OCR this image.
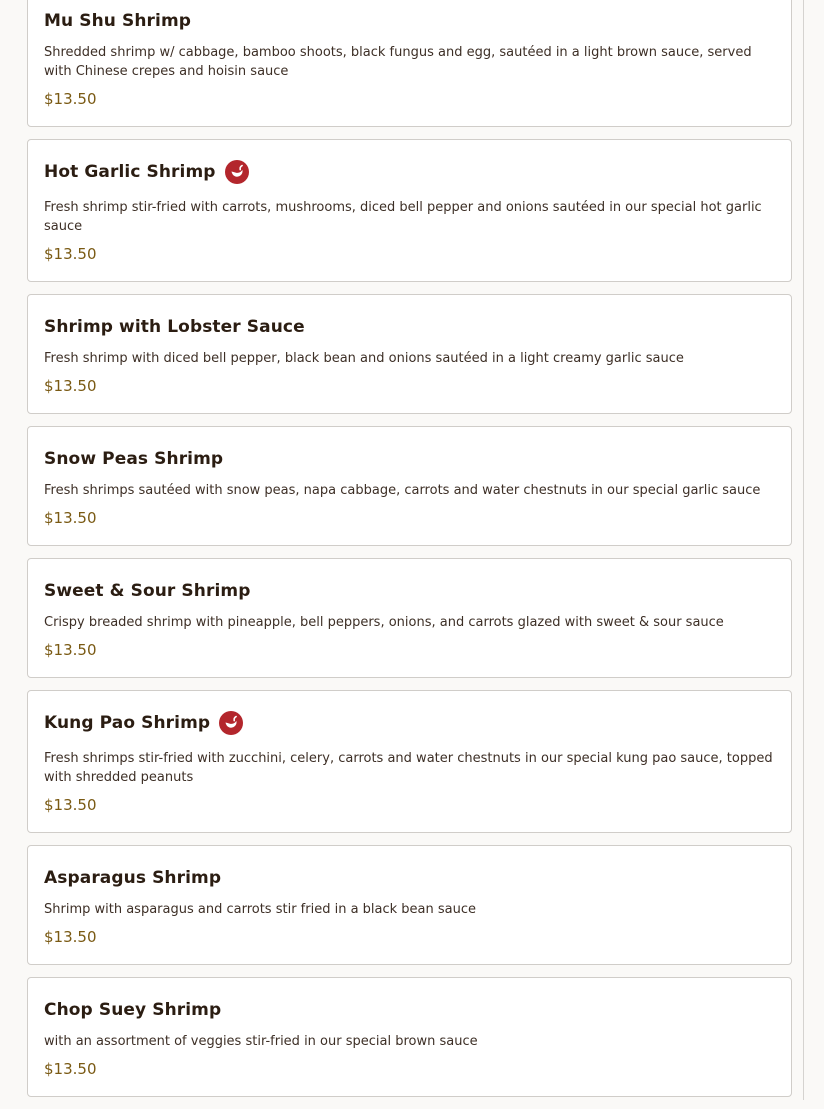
Mu Shu Shrimp
Shredded shrimp w/ cabbage, bamboo shoots, black fungus and egg, sautéed in a light brown sauce, served with Chinese crepes and hoisin sauce
$13.50
Hot Garlic Shrimp
Fresh shrimp stir-fried with carrots, mushrooms, diced bell pepper and onions sautéed in our special hot garlic sauce
$13.50
Shrimp with Lobster Sauce
Fresh shrimp with diced bell pepper, black bean and onions sautéed in a light creamy garlic sauce
$13.50
Snow Peas Shrimp
Fresh shrimps sautéed with snow peas, napa cabbage, carrots and water chestnuts in our special garlic sauce
$13.50
Sweet & Sour Shrimp
Crispy breaded shrimp with pineapple, bell peppers, onions, and carrots glazed with sweet & sour sauce
$13.50
Kung Pao Shrimp
Fresh shrimps stir-fried with zucchini, celery, carrots and water chestnuts in our special kung pao sauce, topped with shredded peanuts
$13.50
Asparagus Shrimp
Shrimp with asparagus and carrots stir fried in a black bean sauce
$13.50
Chop Suey Shrimp
with an assortment of veggies stir-fried in our special brown sauce
$13.50
